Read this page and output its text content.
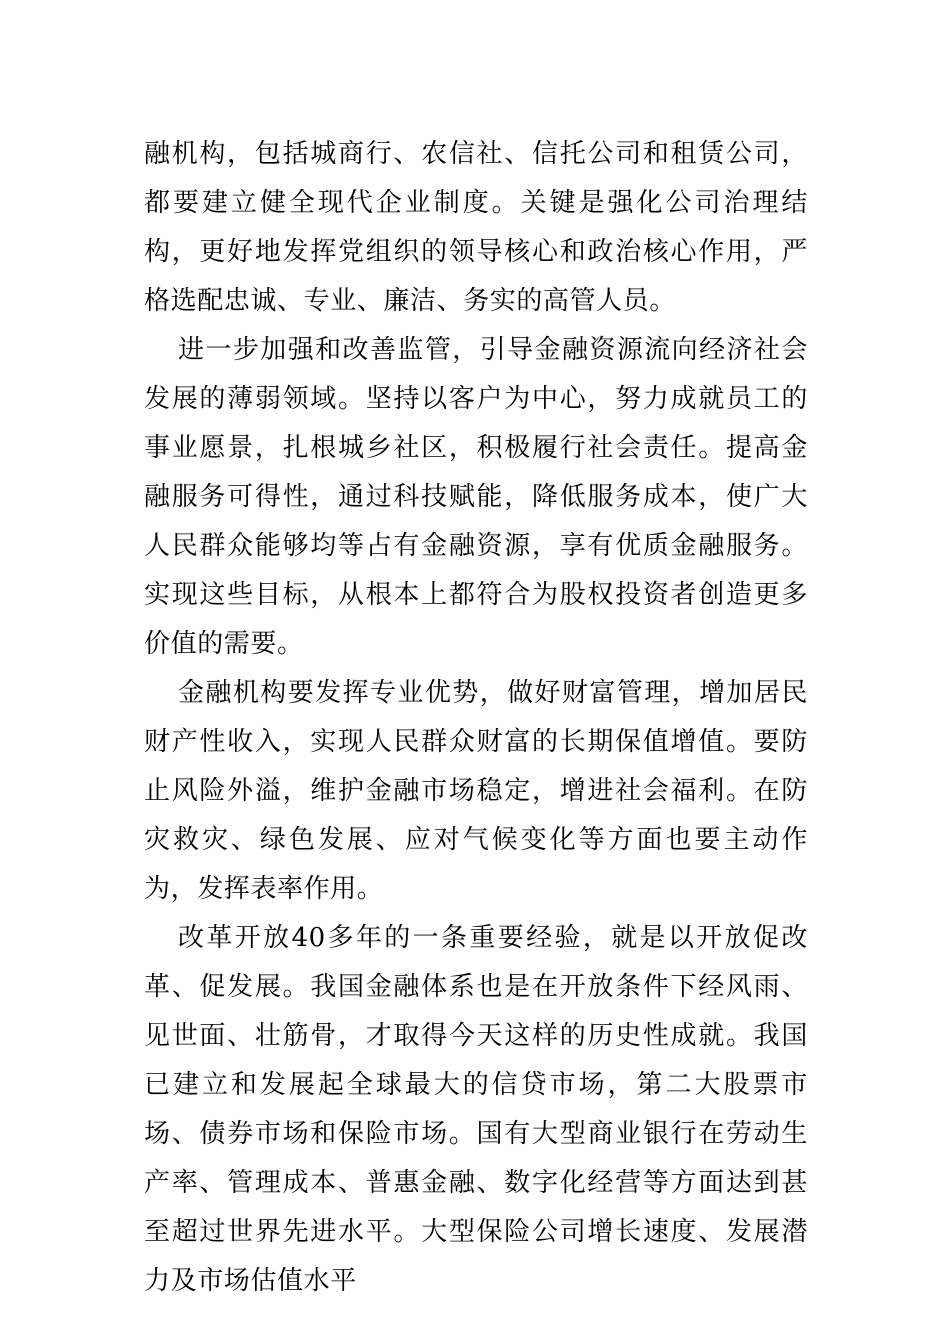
融机构，包括城商行、农信社、信托公司和租赁公司，都要建立健全现代企业制度。关键是强化公司治理结构，更好地发挥党组织的领导核心和政治核心作用，严格选配忠诚、专业、廉洁、务实的高管人员。

进一步加强和改善监管，引导金融资源流向经济社会发展的薄弱领域。坚持以客户为中心，努力成就员工的事业愿景，扎根城乡社区，积极履行社会责任。提高金融服务可得性，通过科技赋能，降低服务成本，使广大人民群众能够均等占有金融资源，享有优质金融服务。实现这些目标，从根本上都符合为股权投资者创造更多价值的需要。

金融机构要发挥专业优势，做好财富管理，增加居民财产性收入，实现人民群众财富的长期保值增值。要防止风险外溢，维护金融市场稳定，增进社会福利。在防灾救灾、绿色发展、应对气候变化等方面也要主动作为，发挥表率作用。

改革开放40多年的一条重要经验，就是以开放促改革、促发展。我国金融体系也是在开放条件下经风雨、见世面、壮筋骨，才取得今天这样的历史性成就。我国已建立和发展起全球最大的信贷市场，第二大股票市场、债券市场和保险市场。国有大型商业银行在劳动生产率、管理成本、普惠金融、数字化经营等方面达到甚至超过世界先进水平。大型保险公司增长速度、发展潜力及市场估值水平
